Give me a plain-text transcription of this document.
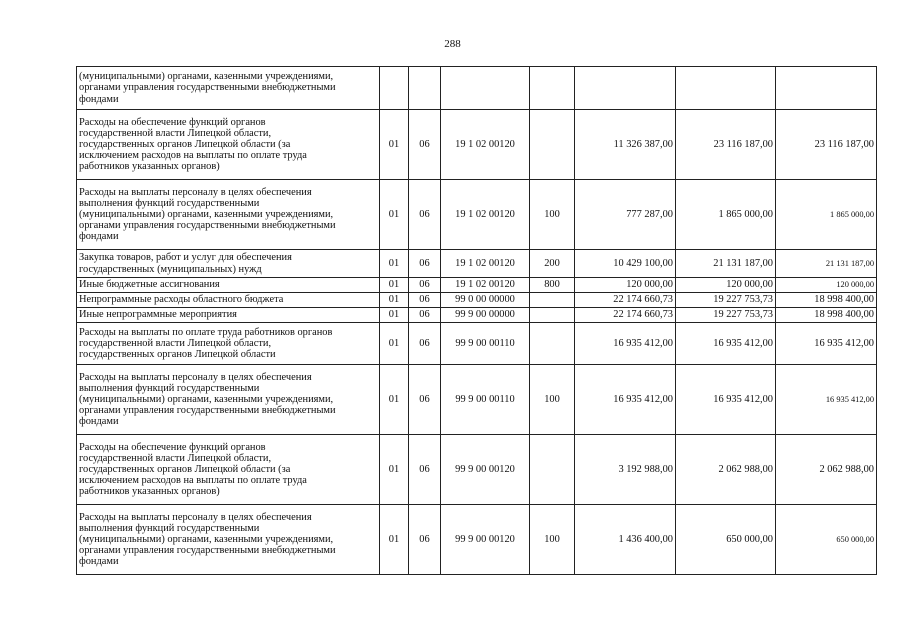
288
(муниципальными) органами, казенными учреждениями,
органами управления государственными внебюджетными
фондами							
Расходы на обеспечение функций органов
государственной власти Липецкой области,
государственных органов Липецкой области (за
исключением расходов на выплаты по оплате труда
работников указанных органов)	01	06	19 1 02 00120		11 326 387,00	23 116 187,00	23 116 187,00
Расходы на выплаты персоналу в целях обеспечения
выполнения функций государственными
(муниципальными) органами, казенными учреждениями,
органами управления государственными внебюджетными
фондами	01	06	19 1 02 00120	100	777 287,00	1 865 000,00	1 865 000,00
Закупка товаров, работ и услуг для обеспечения
государственных (муниципальных) нужд	01	06	19 1 02 00120	200	10 429 100,00	21 131 187,00	21 131 187,00
Иные бюджетные ассигнования	01	06	19 1 02 00120	800	120 000,00	120 000,00	120 000,00
Непрограммные расходы областного бюджета	01	06	99 0 00 00000		22 174 660,73	19 227 753,73	18 998 400,00
Иные непрограммные мероприятия	01	06	99 9 00 00000		22 174 660,73	19 227 753,73	18 998 400,00
Расходы на выплаты по оплате труда работников органов
государственной власти Липецкой области,
государственных органов Липецкой области	01	06	99 9 00 00110		16 935 412,00	16 935 412,00	16 935 412,00
Расходы на выплаты персоналу в целях обеспечения
выполнения функций государственными
(муниципальными) органами, казенными учреждениями,
органами управления государственными внебюджетными
фондами	01	06	99 9 00 00110	100	16 935 412,00	16 935 412,00	16 935 412,00
Расходы на обеспечение функций органов
государственной власти Липецкой области,
государственных органов Липецкой области (за
исключением расходов на выплаты по оплате труда
работников указанных органов)	01	06	99 9 00 00120		3 192 988,00	2 062 988,00	2 062 988,00
Расходы на выплаты персоналу в целях обеспечения
выполнения функций государственными
(муниципальными) органами, казенными учреждениями,
органами управления государственными внебюджетными
фондами	01	06	99 9 00 00120	100	1 436 400,00	650 000,00	650 000,00
